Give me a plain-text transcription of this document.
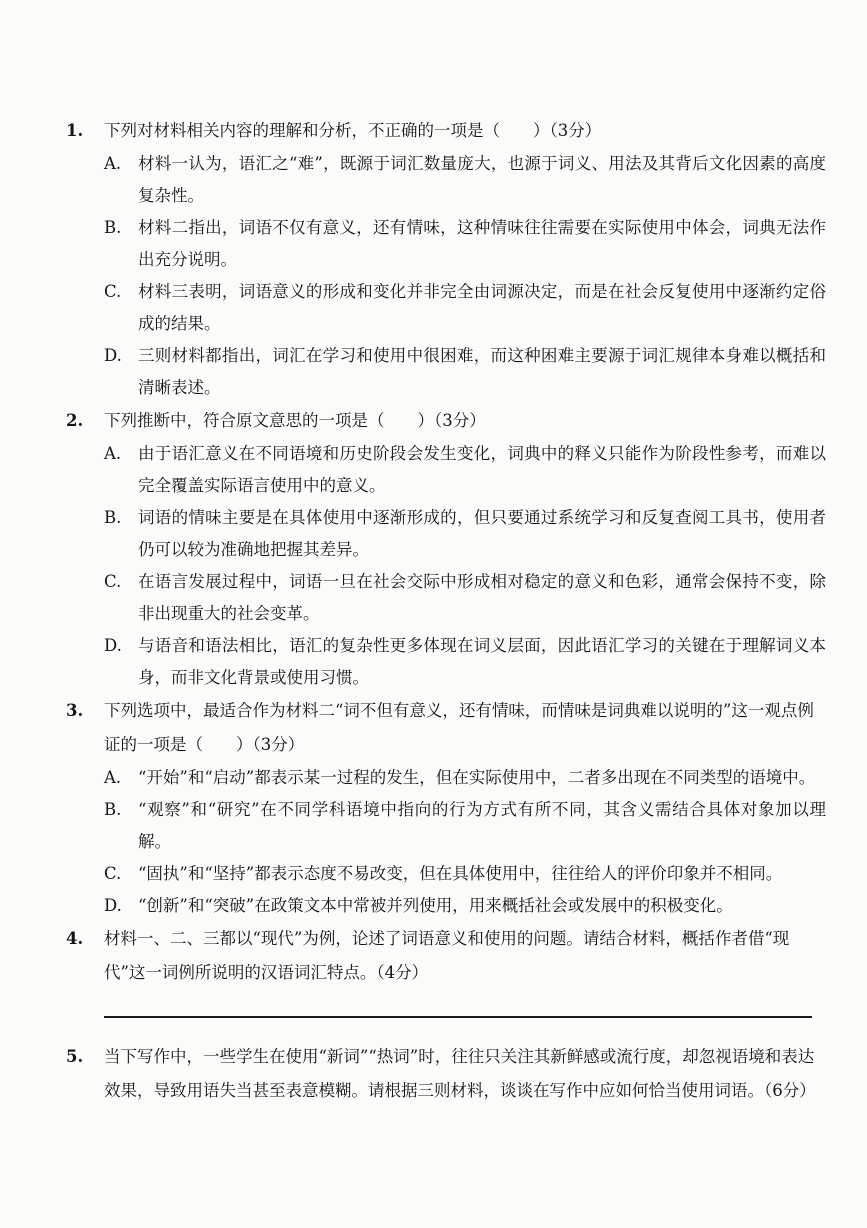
1. 下列对材料相关内容的理解和分析，不正确的一项是（　　）（3分）
A. 材料一认为，语汇之“难”，既源于词汇数量庞大，也源于词义、用法及其背后文化因素的高度复杂性。
B. 材料二指出，词语不仅有意义，还有情味，这种情味往往需要在实际使用中体会，词典无法作出充分说明。
C. 材料三表明，词语意义的形成和变化并非完全由词源决定，而是在社会反复使用中逐渐约定俗成的结果。
D. 三则材料都指出，词汇在学习和使用中很困难，而这种困难主要源于词汇规律本身难以概括和清晰表述。
2. 下列推断中，符合原文意思的一项是（　　）（3分）
A. 由于语汇意义在不同语境和历史阶段会发生变化，词典中的释义只能作为阶段性参考，而难以完全覆盖实际语言使用中的意义。
B. 词语的情味主要是在具体使用中逐渐形成的，但只要通过系统学习和反复查阅工具书，使用者仍可以较为准确地把握其差异。
C. 在语言发展过程中，词语一旦在社会交际中形成相对稳定的意义和色彩，通常会保持不变，除非出现重大的社会变革。
D. 与语音和语法相比，语汇的复杂性更多体现在词义层面，因此语汇学习的关键在于理解词义本身，而非文化背景或使用习惯。
3. 下列选项中，最适合作为材料二“词不但有意义，还有情味，而情味是词典难以说明的”这一观点例证的一项是（　　）（3分）
A. “开始”和“启动”都表示某一过程的发生，但在实际使用中，二者多出现在不同类型的语境中。
B. “观察”和“研究”在不同学科语境中指向的行为方式有所不同，其含义需结合具体对象加以理解。
C. “固执”和“坚持”都表示态度不易改变，但在具体使用中，往往给人的评价印象并不相同。
D. “创新”和“突破”在政策文本中常被并列使用，用来概括社会或发展中的积极变化。
4. 材料一、二、三都以“现代”为例，论述了词语意义和使用的问题。请结合材料，概括作者借“现代”这一词例所说明的汉语词汇特点。（4分）
5. 当下写作中，一些学生在使用“新词”“热词”时，往往只关注其新鲜感或流行度，却忽视语境和表达效果，导致用语失当甚至表意模糊。请根据三则材料，谈谈在写作中应如何恰当使用词语。（6分）
